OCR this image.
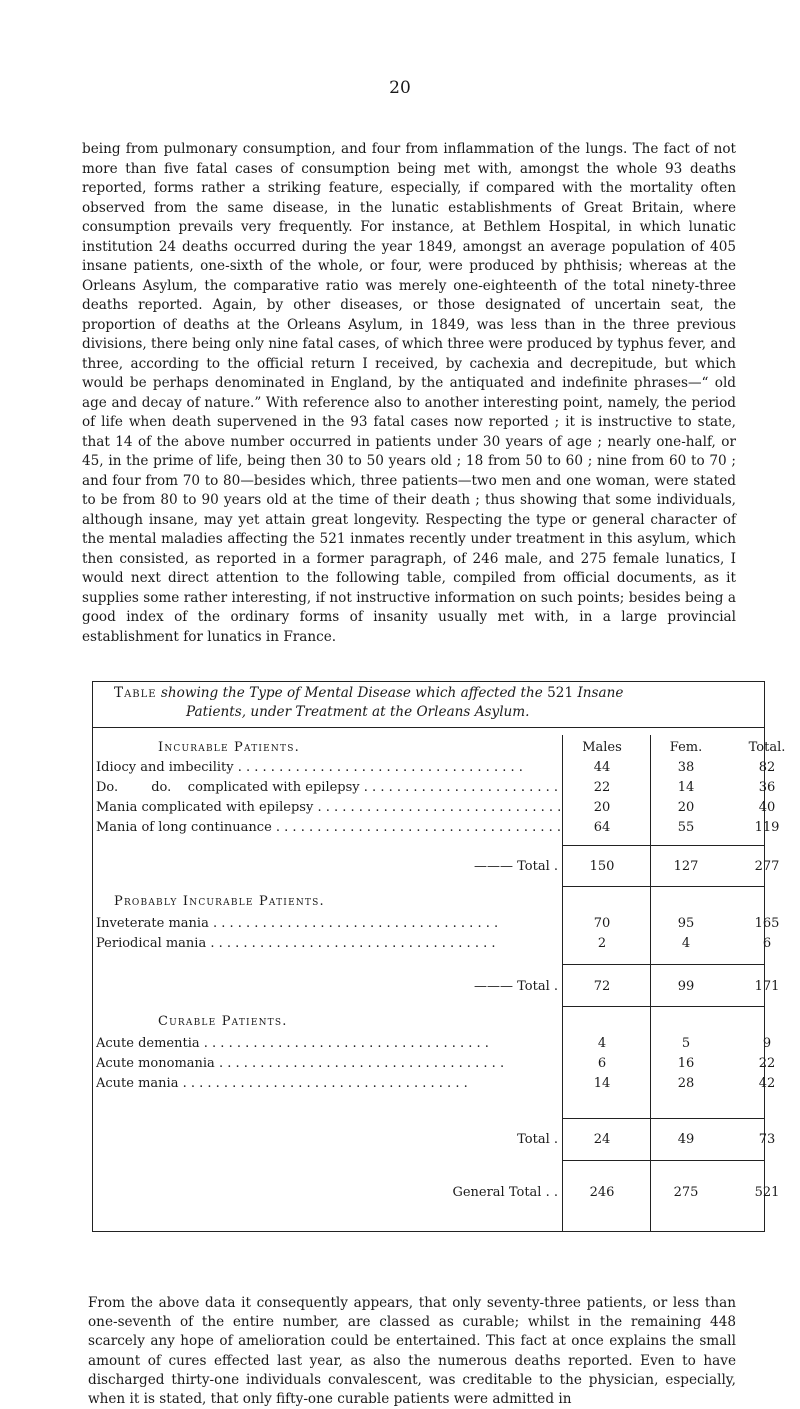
20

being from pulmonary consumption, and four from inflammation of the lungs. The fact of not more than five fatal cases of consumption being met with, amongst the whole 93 deaths reported, forms rather a striking feature, especially, if compared with the mortality often observed from the same disease, in the lunatic establishments of Great Britain, where consumption prevails very frequently. For instance, at Bethlem Hospital, in which lunatic institution 24 deaths occurred during the year 1849, amongst an average population of 405 insane patients, one-sixth of the whole, or four, were produced by phthisis; whereas at the Orleans Asylum, the comparative ratio was merely one-eighteenth of the total ninety-three deaths reported. Again, by other diseases, or those designated of uncertain seat, the proportion of deaths at the Orleans Asylum, in 1849, was less than in the three previous divisions, there being only nine fatal cases, of which three were produced by typhus fever, and three, according to the official return I received, by cachexia and decrepitude, but which would be perhaps denominated in England, by the antiquated and indefinite phrases—“ old age and decay of nature.” With reference also to another interesting point, namely, the period of life when death supervened in the 93 fatal cases now reported ; it is instructive to state, that 14 of the above number occurred in patients under 30 years of age ; nearly one-half, or 45, in the prime of life, being then 30 to 50 years old ; 18 from 50 to 60 ; nine from 60 to 70 ; and four from 70 to 80—besides which, three patients—two men and one woman, were stated to be from 80 to 90 years old at the time of their death ; thus showing that some individuals, although insane, may yet attain great longevity. Respecting the type or general character of the mental maladies affecting the 521 inmates recently under treatment in this asylum, which then consisted, as reported in a former paragraph, of 246 male, and 275 female lunatics, I would next direct attention to the following table, compiled from official documents, as it supplies some rather interesting, if not instructive information on such points; besides being a good index of the ordinary forms of insanity usually met with, in a large provincial establishment for lunatics in France.

Table showing the Type of Mental Disease which affected the 521 Insane
Patients, under Treatment at the Orleans Asylum.
Incurable Patients.	Males	Fem.	Total.
Idiocy and imbecility . . .	44	38	82
Do.        do.    complicated with epilepsy . . .	22	14	36
Mania complicated with epilepsy . . .	20	20	40
Mania of long continuance . . .	64	55	119
——— Total .	150	127	277
Probably Incurable Patients.
Inveterate mania . . .	70	95	165
Periodical mania . . .	2	4	6
——— Total .	72	99	171
Curable Patients.
Acute dementia . . .	4	5	9
Acute monomania . . .	6	16	22
Acute mania . . .	14	28	42
Total .	24	49	73
General Total . .	246	275	521

From the above data it consequently appears, that only seventy-three patients, or less than one-seventh of the entire number, are classed as curable; whilst in the remaining 448 scarcely any hope of amelioration could be entertained. This fact at once explains the small amount of cures effected last year, as also the numerous deaths reported. Even to have discharged thirty-one individuals convalescent, was creditable to the physician, especially, when it is stated, that only fifty-one curable patients were admitted in
